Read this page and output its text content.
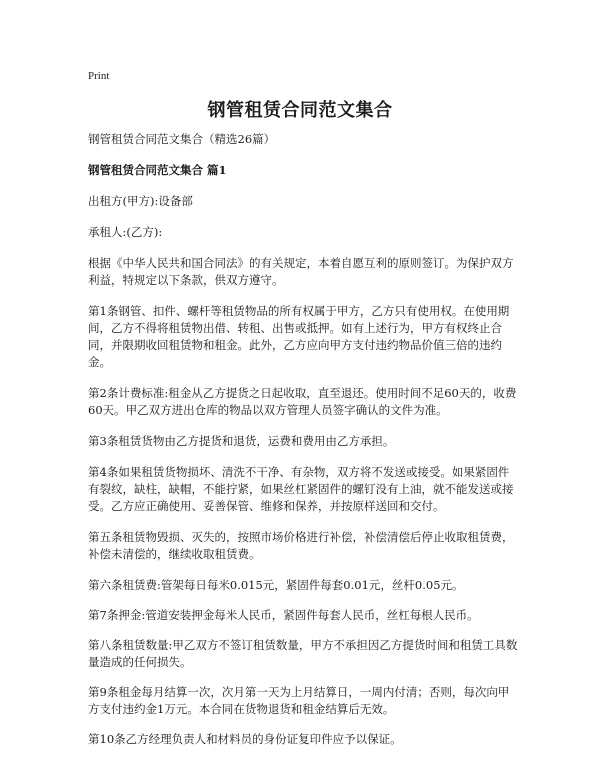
Print
钢管租赁合同范文集合

钢管租赁合同范文集合（精选26篇）

钢管租赁合同范文集合 篇1

出租方(甲方):设备部

承租人:(乙方):

根据《中华人民共和国合同法》的有关规定，本着自愿互利的原则签订。为保护双方利益，特规定以下条款，供双方遵守。

第1条钢管、扣件、螺杆等租赁物品的所有权属于甲方，乙方只有使用权。在使用期间，乙方不得将租赁物出借、转租、出售或抵押。如有上述行为，甲方有权终止合同，并限期收回租赁物和租金。此外，乙方应向甲方支付违约物品价值三倍的违约金。

第2条计费标准:租金从乙方提货之日起收取，直至退还。使用时间不足60天的，收费60天。甲乙双方进出仓库的物品以双方管理人员签字确认的文件为准。

第3条租赁货物由乙方提货和退货，运费和费用由乙方承担。

第4条如果租赁货物损坏、清洗不干净、有杂物，双方将不发送或接受。如果紧固件有裂纹，缺柱，缺帽，不能拧紧，如果丝杠紧固件的螺钉没有上油，就不能发送或接受。乙方应正确使用、妥善保管、维修和保养，并按原样送回和交付。

第五条租赁物毁损、灭失的，按照市场价格进行补偿，补偿清偿后停止收取租赁费，补偿未清偿的，继续收取租赁费。

第六条租赁费:管架每日每米0.015元，紧固件每套0.01元，丝杆0.05元。

第7条押金:管道安装押金每米人民币，紧固件每套人民币，丝杠每根人民币。

第八条租赁数量:甲乙双方不签订租赁数量，甲方不承担因乙方提货时间和租赁工具数量造成的任何损失。

第9条租金每月结算一次，次月第一天为上月结算日，一周内付清；否则，每次向甲方支付违约金1万元。本合同在货物退货和租金结算后无效。

第10条乙方经理负责人和材料员的身份证复印件应予以保证。
